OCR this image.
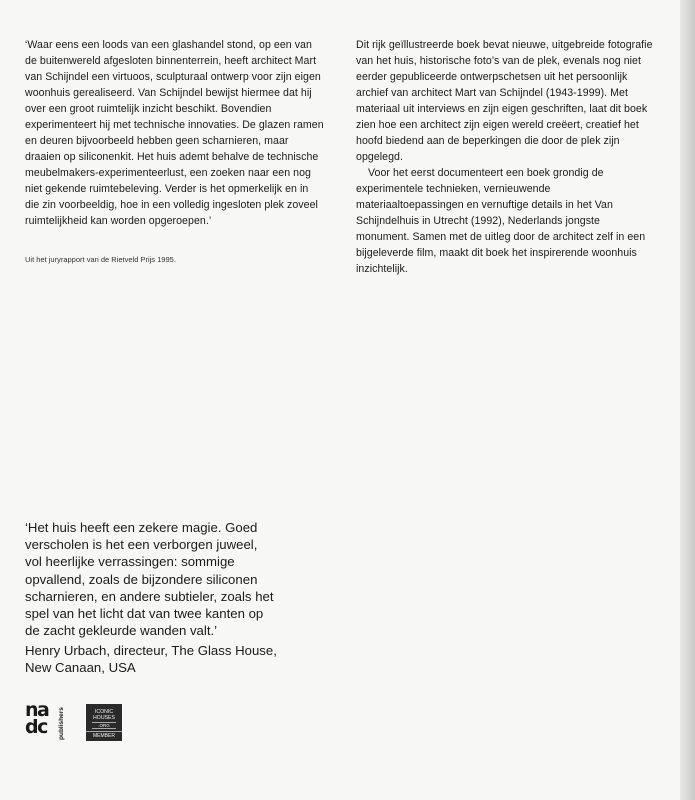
‘Waar eens een loods van een glashandel stond, op een van de buitenwereld afgesloten binnenterrein, heeft architect Mart van Schijndel een virtuoos, sculpturaal ontwerp voor zijn eigen woonhuis gerealiseerd. Van Schijndel bewijst hiermee dat hij over een groot ruimtelijk inzicht beschikt. Bovendien experimenteert hij met technische innovaties. De glazen ramen en deuren bijvoorbeeld hebben geen scharnieren, maar draaien op siliconenkit. Het huis ademt behalve de technische meubelmakers-experimenteerlust, een zoeken naar een nog niet gekende ruimtebeleving. Verder is het opmerkelijk en in die zin voorbeeldig, hoe in een volledig ingesloten plek zoveel ruimtelijkheid kan worden opgeroepen.’

Uit het juryrapport van de Rietveld Prijs 1995.

Dit rijk geïllustreerde boek bevat nieuwe, uitgebreide fotografie van het huis, historische foto’s van de plek, evenals nog niet eerder gepubliceerde ontwerpschetsen uit het persoonlijk archief van architect Mart van Schijndel (1943-1999). Met materiaal uit interviews en zijn eigen geschriften, laat dit boek zien hoe een architect zijn eigen wereld creëert, creatief het hoofd biedend aan de beperkingen die door de plek zijn opgelegd.

Voor het eerst documenteert een boek grondig de experimentele technieken, vernieuwende materiaaltoepassingen en vernuftige details in het Van Schijndelhuis in Utrecht (1992), Nederlands jongste monument. Samen met de uitleg door de architect zelf in een bijgeleverde film, maakt dit boek het inspirerende woonhuis inzichtelijk.

‘Het huis heeft een zekere magie. Goed verscholen is het een verborgen juweel, vol heerlijke verrassingen: sommige opvallend, zoals de bijzondere siliconen scharnieren, en andere subtieler, zoals het spel van het licht dat van twee kanten op de zacht gekleurde wanden valt.’

Henry Urbach, directeur, The Glass House, New Canaan, USA

na
dc	publishers	ICONIC
HOUSES
.ORG
MEMBER
